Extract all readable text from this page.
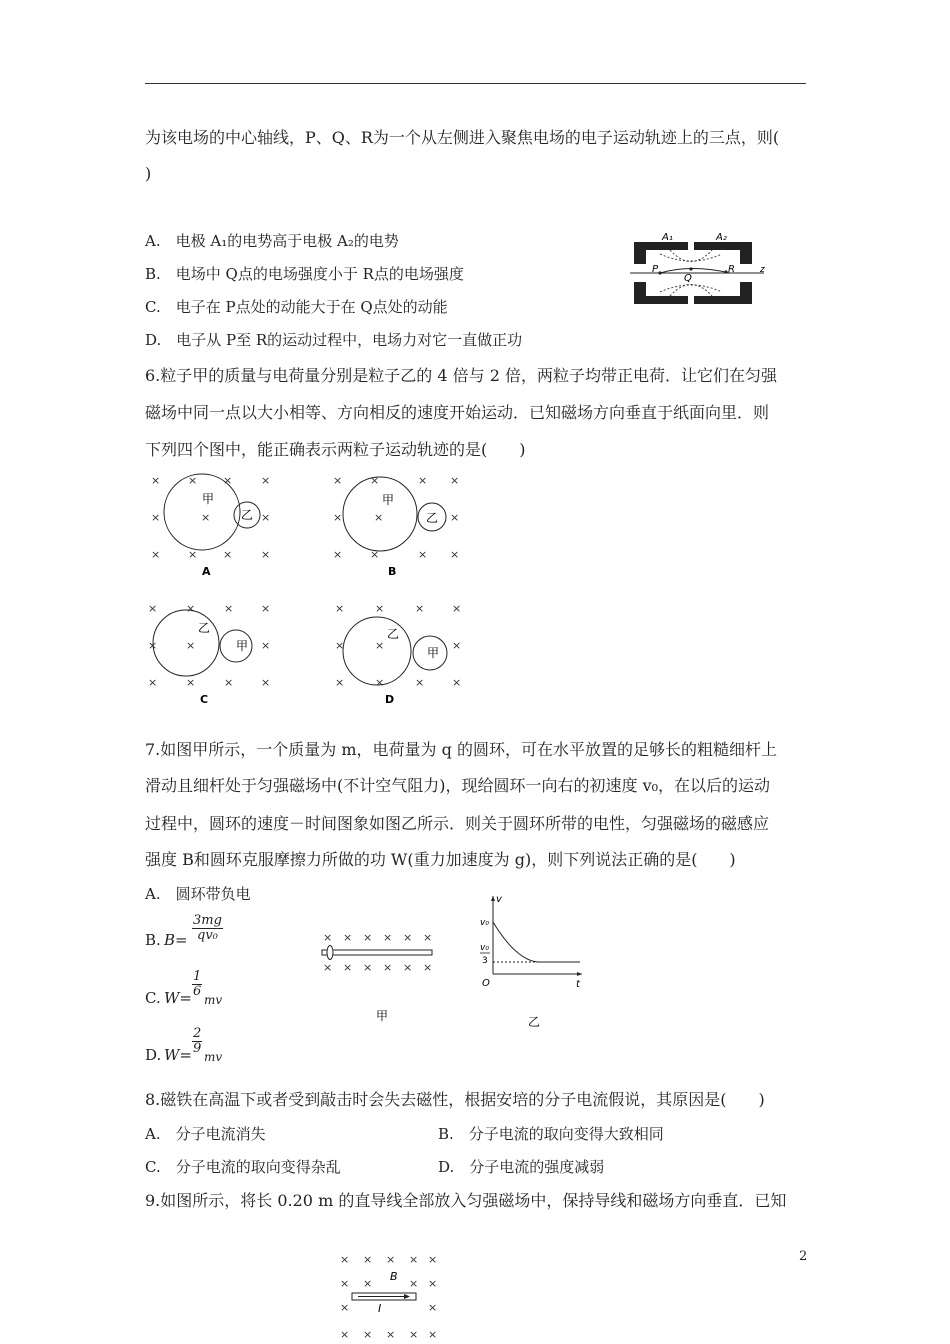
为该电场的中心轴线，P、Q、R为一个从左侧进入聚焦电场的电子运动轨迹上的三点，则(
)
A.　电极 A₁的电势高于电极 A₂的电势
B.　电场中 Q点的电场强度小于 R点的电场强度
C.　电子在 P点处的动能大于在 Q点处的动能
D.　电子从 P至 R的运动过程中，电场力对它一直做正功
A₁	A₂
P
Q
R	z
6.粒子甲的质量与电荷量分别是粒子乙的 4 倍与 2 倍，两粒子均带正电荷．让它们在匀强
磁场中同一点以大小相等、方向相反的速度开始运动．已知磁场方向垂直于纸面向里．则
下列四个图中，能正确表示两粒子运动轨迹的是(　　)
×	× ×	×
×	×	×
×	× ×	×
甲
乙
A
×	×	× ×
×	×	×
×	×	× ×
甲
乙
B
×	×	×	×
×	×	×
×	×	×	×
乙
甲
C
×	×	×	×
×	×	×
×	×	×	×
乙
甲
D
7.如图甲所示，一个质量为 m，电荷量为 q 的圆环，可在水平放置的足够长的粗糙细杆上
滑动且细杆处于匀强磁场中(不计空气阻力)，现给圆环一向右的初速度 v₀，在以后的运动
过程中，圆环的速度－时间图象如图乙所示．则关于圆环所带的电性，匀强磁场的磁感应
强度 B和圆环克服摩擦力所做的功 W(重力加速度为 g)，则下列说法正确的是(　　)
A.　圆环带负电
B. $B= \frac{3mg}{\text{qv₀}}$
C. $W= \frac{1}{6}$
mv
D. $W= \frac{2}{9}$
mv
× × × × × ×
× × × × × ×
甲
v
t
O
v₀
v₀
3
乙
8.磁铁在高温下或者受到敲击时会失去磁性，根据安培的分子电流假说，其原因是(　　)
A.　分子电流消失	B.　分子电流的取向变得大致相同
C.　分子电流的取向变得杂乱	D.　分子电流的强度减弱
9.如图所示，将长 0.20 m 的直导线全部放入匀强磁场中，保持导线和磁场方向垂直．已知
× × × × ×
× ×	× ×
×	×
× × × × ×
B
I
2
